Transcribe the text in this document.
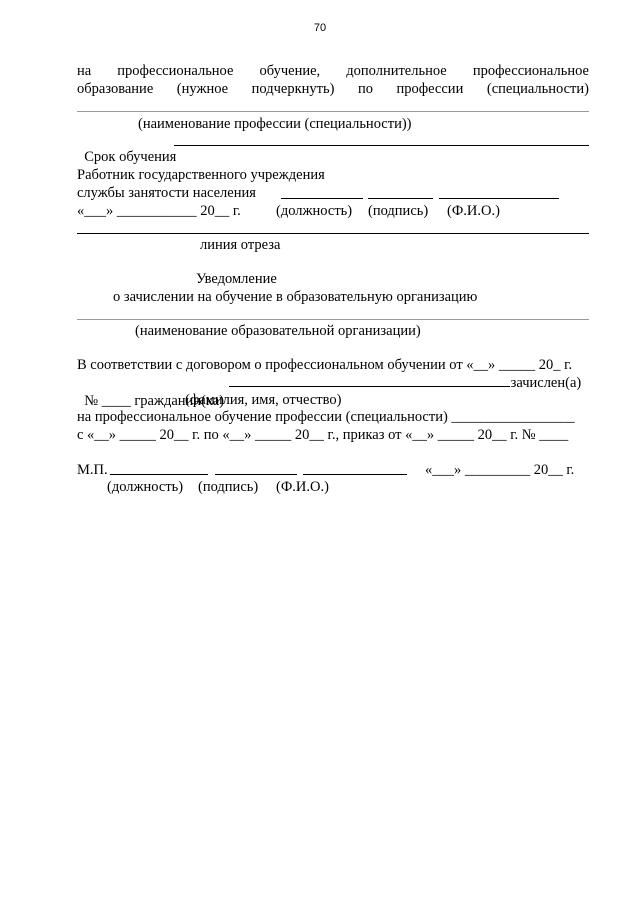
70
на профессиональное обучение, дополнительное профессиональное
образование (нужное подчеркнуть) по профессии (специальности)
(наименование профессии (специальности))

Срок обучения

Работник государственного учреждения
службы занятости населения
«___» ___________ 20__ г. (должность) (подпись) (Ф.И.О.)
линия отреза
Уведомление
о зачислении на обучение в образовательную организацию
(наименование образовательной организации)
В соответствии с договором о профессиональном обучении от «__» _____ 20_ г.

№ ____ гражданин(ка)

зачислен(а)
(фамилия, имя, отчество)
на профессиональное обучение профессии (специальности) _________________
с «__» _____ 20__ г. по «__» _____ 20__ г., приказ от «__» _____ 20__ г. № ____
М.П.	«___» _________ 20__ г.
(должность) (подпись) (Ф.И.О.)
